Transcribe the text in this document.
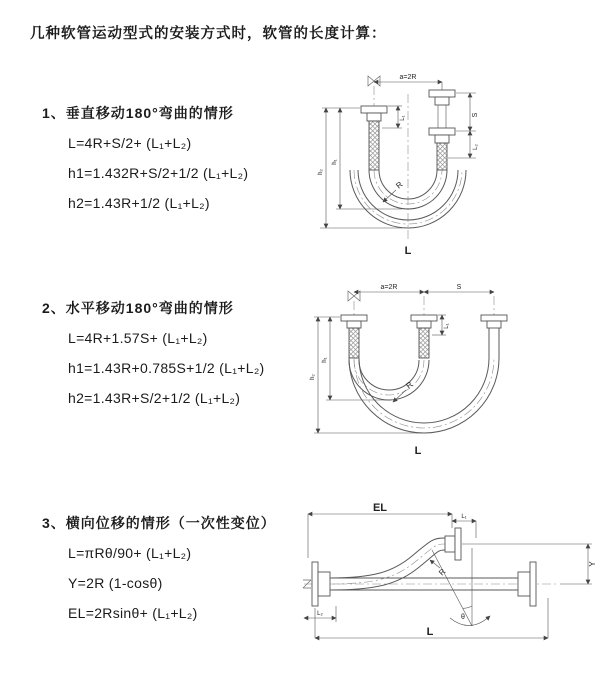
几种软管运动型式的安装方式时，软管的长度计算：
1、垂直移动180°弯曲的情形
L=4R+S/2+ (L₁+L₂)
h1=1.432R+S/2+1/2 (L₁+L₂)
h2=1.43R+1/2 (L₁+L₂)
2、水平移动180°弯曲的情形
L=4R+1.57S+ (L₁+L₂)
h1=1.43R+0.785S+1/2 (L₁+L₂)
h2=1.43R+S/2+1/2 (L₁+L₂)
3、横向位移的情形（一次性变位）
L=πRθ/90+ (L₁+L₂)
Y=2R (1-cosθ)
EL=2Rsinθ+ (L₁+L₂)
a=2R
S
L₂
L₁
h₁
h₂
R
L
a=2R	S
L₁
h₁
h₂
R
L
EL
L₁
Y
θ
R
L₂
L
